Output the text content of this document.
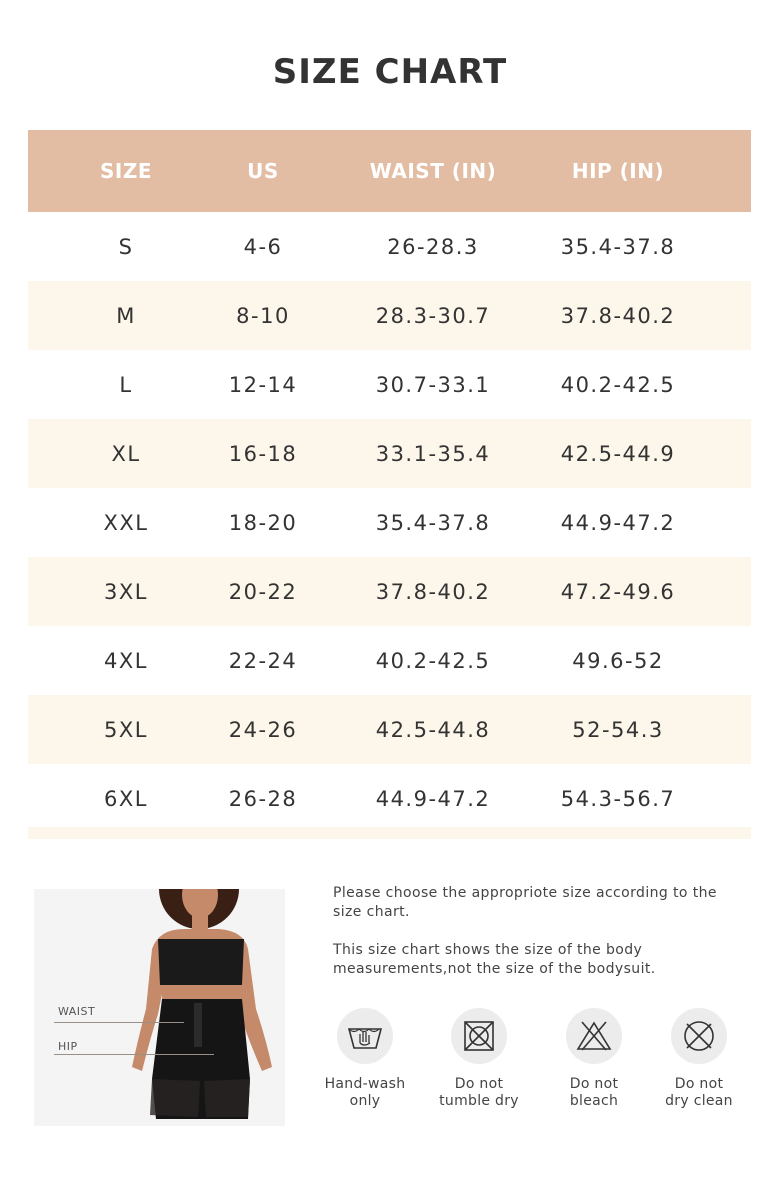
SIZE CHART
SIZE	US	WAIST (IN)	HIP (IN)
S	4-6	26-28.3	35.4-37.8
M	8-10	28.3-30.7	37.8-40.2
L	12-14	30.7-33.1	40.2-42.5
XL	16-18	33.1-35.4	42.5-44.9
XXL	18-20	35.4-37.8	44.9-47.2
3XL	20-22	37.8-40.2	47.2-49.6
4XL	22-24	40.2-42.5	49.6-52
5XL	24-26	42.5-44.8	52-54.3
6XL	26-28	44.9-47.2	54.3-56.7
WAIST
HIP

Please choose the appropriote size according to the size chart.

This size chart shows the size of the body measurements,not the size of the bodysuit.

Hand-wash
only
Do not
tumble dry
Do not
bleach
Do not
dry clean
